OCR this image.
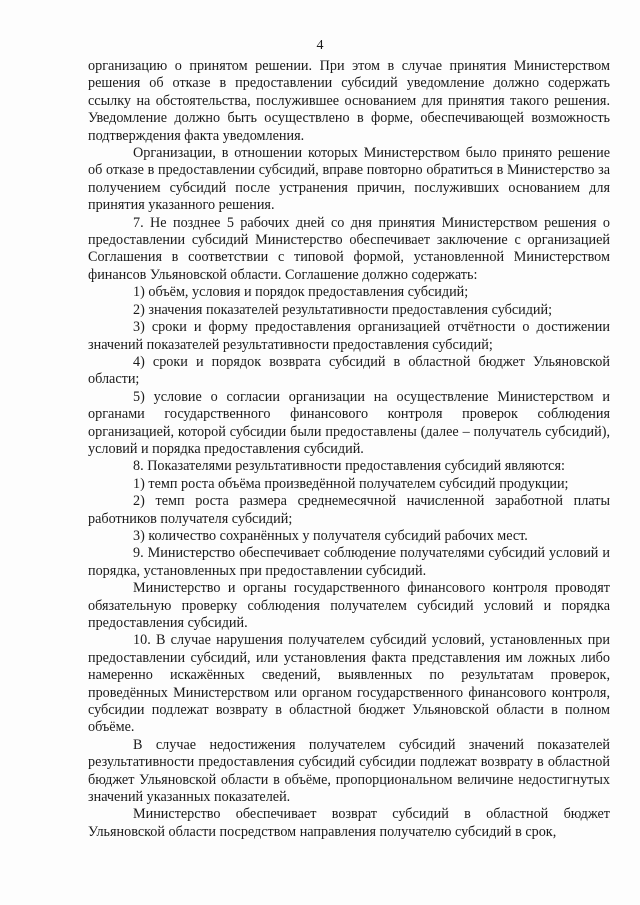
4

организацию о принятом решении. При этом в случае принятия Министерством решения об отказе в предоставлении субсидий уведомление должно содержать ссылку на обстоятельства, послужившее основанием для принятия такого решения. Уведомление должно быть осуществлено в форме, обеспечивающей возможность подтверждения факта уведомления.

Организации, в отношении которых Министерством было принято решение об отказе в предоставлении субсидий, вправе повторно обратиться в Министерство за получением субсидий после устранения причин, послуживших основанием для принятия указанного решения.

7. Не позднее 5 рабочих дней со дня принятия Министерством решения о предоставлении субсидий Министерство обеспечивает заключение с организацией Соглашения в соответствии с типовой формой, установленной Министерством финансов Ульяновской области. Соглашение должно содержать:

1) объём, условия и порядок предоставления субсидий;

2) значения показателей результативности предоставления субсидий;

3) сроки и форму предоставления организацией отчётности о достижении значений показателей результативности предоставления субсидий;

4) сроки и порядок возврата субсидий в областной бюджет Ульяновской области;

5) условие о согласии организации на осуществление Министерством и органами государственного финансового контроля проверок соблюдения организацией, которой субсидии были предоставлены (далее – получатель субсидий), условий и порядка предоставления субсидий.

8. Показателями результативности предоставления субсидий являются:

1) темп роста объёма произведённой получателем субсидий продукции;

2) темп роста размера среднемесячной начисленной заработной платы работников получателя субсидий;

3) количество сохранённых у получателя субсидий рабочих мест.

9. Министерство обеспечивает соблюдение получателями субсидий условий и порядка, установленных при предоставлении субсидий.

Министерство и органы государственного финансового контроля проводят обязательную проверку соблюдения получателем субсидий условий и порядка предоставления субсидий.

10. В случае нарушения получателем субсидий условий, установленных при предоставлении субсидий, или установления факта представления им ложных либо намеренно искажённых сведений, выявленных по результатам проверок, проведённых Министерством или органом государственного финансового контроля, субсидии подлежат возврату в областной бюджет Ульяновской области в полном объёме.

В случае недостижения получателем субсидий значений показателей результативности предоставления субсидий субсидии подлежат возврату в областной бюджет Ульяновской области в объёме, пропорциональном величине недостигнутых значений указанных показателей.

Министерство обеспечивает возврат субсидий в областной бюджет Ульяновской области посредством направления получателю субсидий в срок,
